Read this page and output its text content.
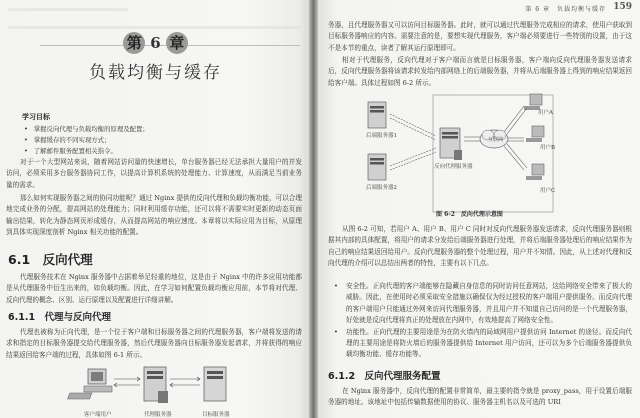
第 6 章
负载均衡与缓存
学习目标
• 掌握反向代理与负载均衡的原理及配置；
• 掌握缓存的不同实现方式；
• 了解邮件服务配置相关指令。
对于一个大型网站来说，随着网站访问量的快速增长，单台服务器已经无法承担大量用户的并发访问，必须采用多台服务器协同工作，以提高计算机系统的处理能力、计算速度，从而满足当前业务量的需求。
那么如何实现服务器之间的协同功能呢？通过 Nginx 提供的反向代理和负载均衡功能，可以合理地完成业务的分配，提高网站的处理能力；同时利用缓存功能，还可以将不需要实时更新的动态页面输出结果，转化为静态网页形成缓存，从而提高网站的响应速度。本章将以实际应用为目标，从原理到具体实现深度剖析 Nginx 相关功能的配置。
6.1　反向代理
代理服务技术在 Nginx 服务器中占据着举足轻重的地位，这是由于 Nginx 中的许多应用功能都是从代理服务中衍生出来的，如负载均衡。因此，在学习如何配置负载均衡应用前，本节将对代理、反向代理的概念、区别、运行原理以及配置进行详细讲解。
6.1.1　代理与反向代理
代理也被称为正向代理，是一个位于客户端和目标服务器之间的代理服务器，客户端将发送的请求和指定的目标服务器提交给代理服务器，然后代理服务器向目标服务器发起请求，并将获得的响应结果返回给客户端的过程，具体如图 6-1 所示。
客户端用户	代理服务器	目标服务器
第 6 章　负载均衡与缓存 159
务器，且代理服务器又可以访问目标服务器。此时，就可以通过代理服务完成相应的请求，使用户获取到目标服务器响应的内容。需要注意的是，要想实现代理服务，客户端必须要进行一些特别的设置，由于这不是本节的重点，读者了解其运行原理即可。
相对于代理服务，反向代理对于客户端而言就是目标服务器，客户端向反向代理服务器发送请求后，反向代理服务器将该请求转发给内部网络上的后端服务器，并将从后端服务器上得到的响应结果返回给客户端。具体过程如图 6-2 所示。
后端服务器1
后端服务器2
反向代理服务器
互联网
用户A
用户B
用户C
图 6-2　反向代理示意图
从图 6-2 可知，若用户 A、用户 B、用户 C 同时对反向代理服务器发送请求，反向代理服务器则根据其内部的具体配置，将用户的请求分发给后端服务器进行处理，并将后端服务器处理后的响应结果作为自己的响应结果返回给用户。反向代理服务器的整个处理过程，用户并不知情。因此，从上述对代理和反向代理的介绍可以总结出两者的特性，主要有以下几点。
• 安全性。正向代理的客户端能够在隐藏自身信息的同时访问任意网站，这给网络安全带来了极大的威胁。因此，在使用时必须采取安全措施以确保仅为经过授权的客户端用户提供服务。而反向代理的客户端用户只能通过外网来访问代理服务器，并且用户并不知道自己访问的是一个代理服务器，好处就是反向代理将真正的处理放在内网中，有效地提高了网络安全性。
• 功能性。正向代理的主要用途是为在防火墙内的局域网用户提供访问 Internet 的途径。而反向代理的主要用途是将防火墙后的服务器提供给 Internet 用户访问，还可以为多个后端服务器提供负载均衡功能、缓存功能等。
6.1.2　反向代理服务配置
在 Nginx 服务器中，反向代理的配置非常简单，最主要的指令就是 proxy_pass，用于设置后端服务器的地址。该地址中包括传输数据使用的协议、服务器主机名以及可选的 URI
